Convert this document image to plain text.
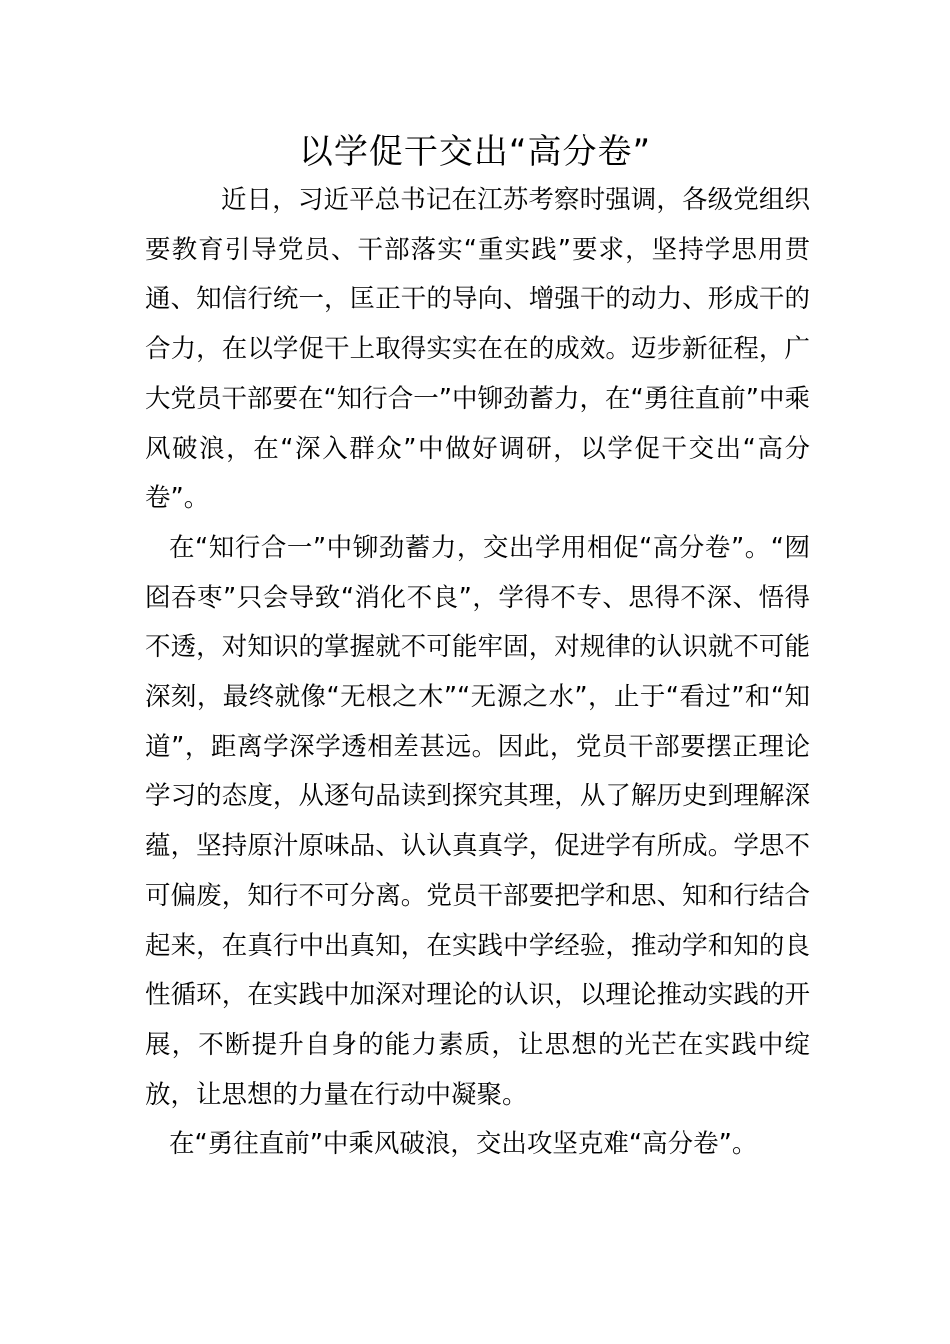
以学促干交出“高分卷”

近日，习近平总书记在江苏考察时强调，各级党组织要教育引导党员、干部落实“重实践”要求，坚持学思用贯通、知信行统一，匡正干的导向、增强干的动力、形成干的合力，在以学促干上取得实实在在的成效。迈步新征程，广大党员干部要在“知行合一”中铆劲蓄力，在“勇往直前”中乘风破浪，在“深入群众”中做好调研，以学促干交出“高分卷”。

在“知行合一”中铆劲蓄力，交出学用相促“高分卷”。“囫囵吞枣”只会导致“消化不良”，学得不专、思得不深、悟得不透，对知识的掌握就不可能牢固，对规律的认识就不可能深刻，最终就像“无根之木”“无源之水”，止于“看过”和“知道”，距离学深学透相差甚远。因此，党员干部要摆正理论学习的态度，从逐句品读到探究其理，从了解历史到理解深蕴，坚持原汁原味品、认认真真学，促进学有所成。学思不可偏废，知行不可分离。党员干部要把学和思、知和行结合起来，在真行中出真知，在实践中学经验，推动学和知的良性循环，在实践中加深对理论的认识，以理论推动实践的开展，不断提升自身的能力素质，让思想的光芒在实践中绽放，让思想的力量在行动中凝聚。

在“勇往直前”中乘风破浪，交出攻坚克难“高分卷”。
